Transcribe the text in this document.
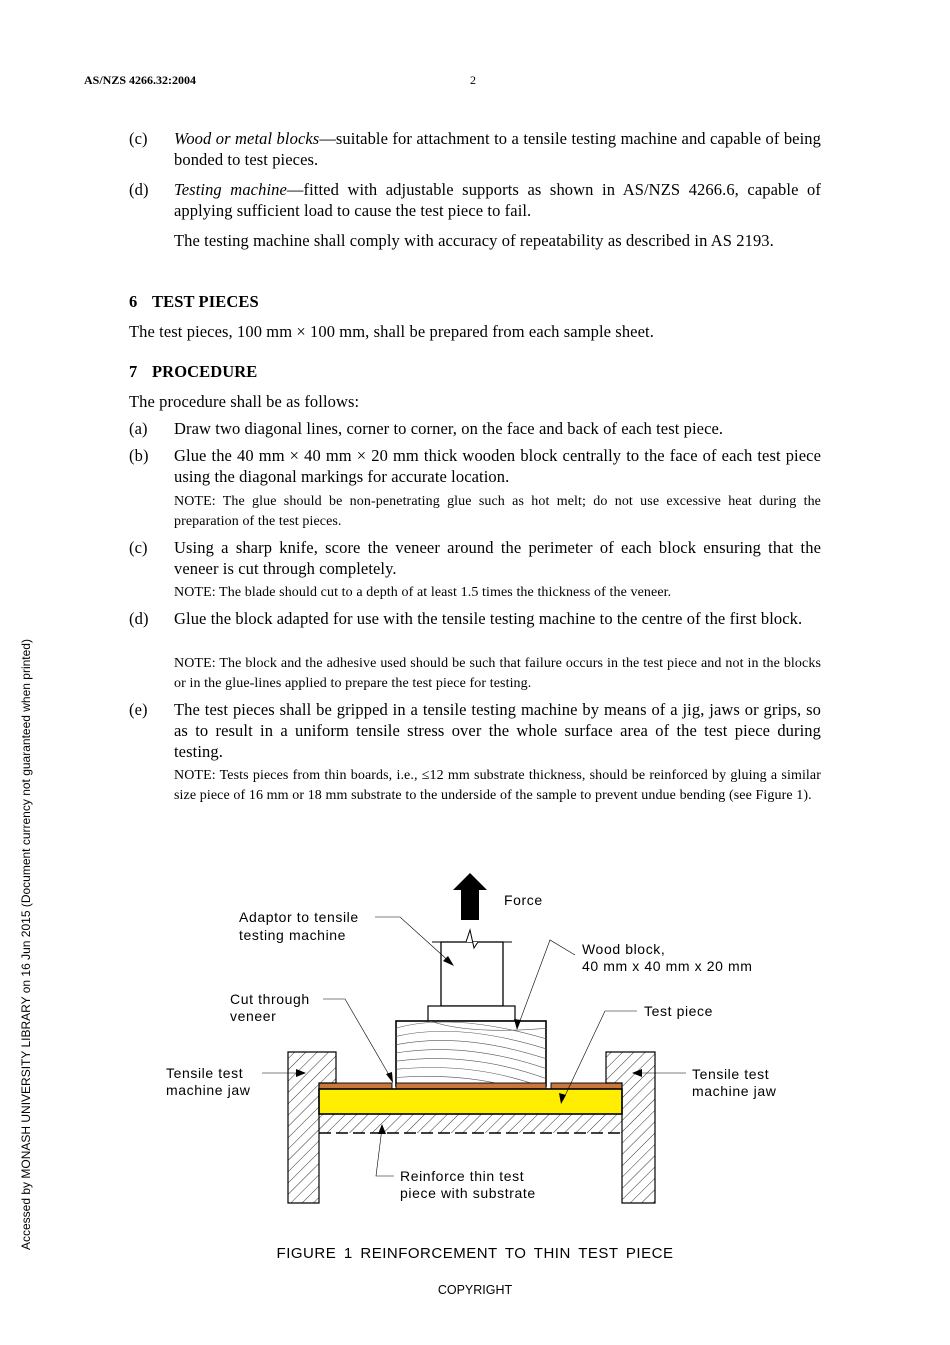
AS/NZS 4266.32:2004	2
Accessed by MONASH UNIVERSITY LIBRARY on 16 Jun 2015 (Document currency not guaranteed when printed)
(c) Wood or metal blocks—suitable for attachment to a tensile testing machine and capable of being bonded to test pieces.
(d) Testing machine—fitted with adjustable supports as shown in AS/NZS 4266.6, capable of applying sufficient load to cause the test piece to fail.
The testing machine shall comply with accuracy of repeatability as described in AS 2193.
6 TEST PIECES
The test pieces, 100 mm × 100 mm, shall be prepared from each sample sheet.
7 PROCEDURE
The procedure shall be as follows:
(a) Draw two diagonal lines, corner to corner, on the face and back of each test piece.
(b) Glue the 40 mm × 40 mm × 20 mm thick wooden block centrally to the face of each test piece using the diagonal markings for accurate location.
NOTE: The glue should be non-penetrating glue such as hot melt; do not use excessive heat during the preparation of the test pieces.
(c) Using a sharp knife, score the veneer around the perimeter of each block ensuring that the veneer is cut through completely.
NOTE: The blade should cut to a depth of at least 1.5 times the thickness of the veneer.
(d) Glue the block adapted for use with the tensile testing machine to the centre of the first block.
NOTE: The block and the adhesive used should be such that failure occurs in the test piece and not in the blocks or in the glue-lines applied to prepare the test piece for testing.
(e) The test pieces shall be gripped in a tensile testing machine by means of a jig, jaws or grips, so as to result in a uniform tensile stress over the whole surface area of the test piece during testing.
NOTE: Tests pieces from thin boards, i.e., ≤12 mm substrate thickness, should be reinforced by gluing a similar size piece of 16 mm or 18 mm substrate to the underside of the sample to prevent undue bending (see Figure 1).
Force
Adaptor to tensile
testing machine
Wood block,
40 mm x 40 mm x 20 mm
Cut through
veneer	Test piece
Tensile test
machine jaw
Tensile test
machine jaw
Reinforce thin test
piece with substrate
FIGURE 1 REINFORCEMENT TO THIN TEST PIECE
COPYRIGHT
